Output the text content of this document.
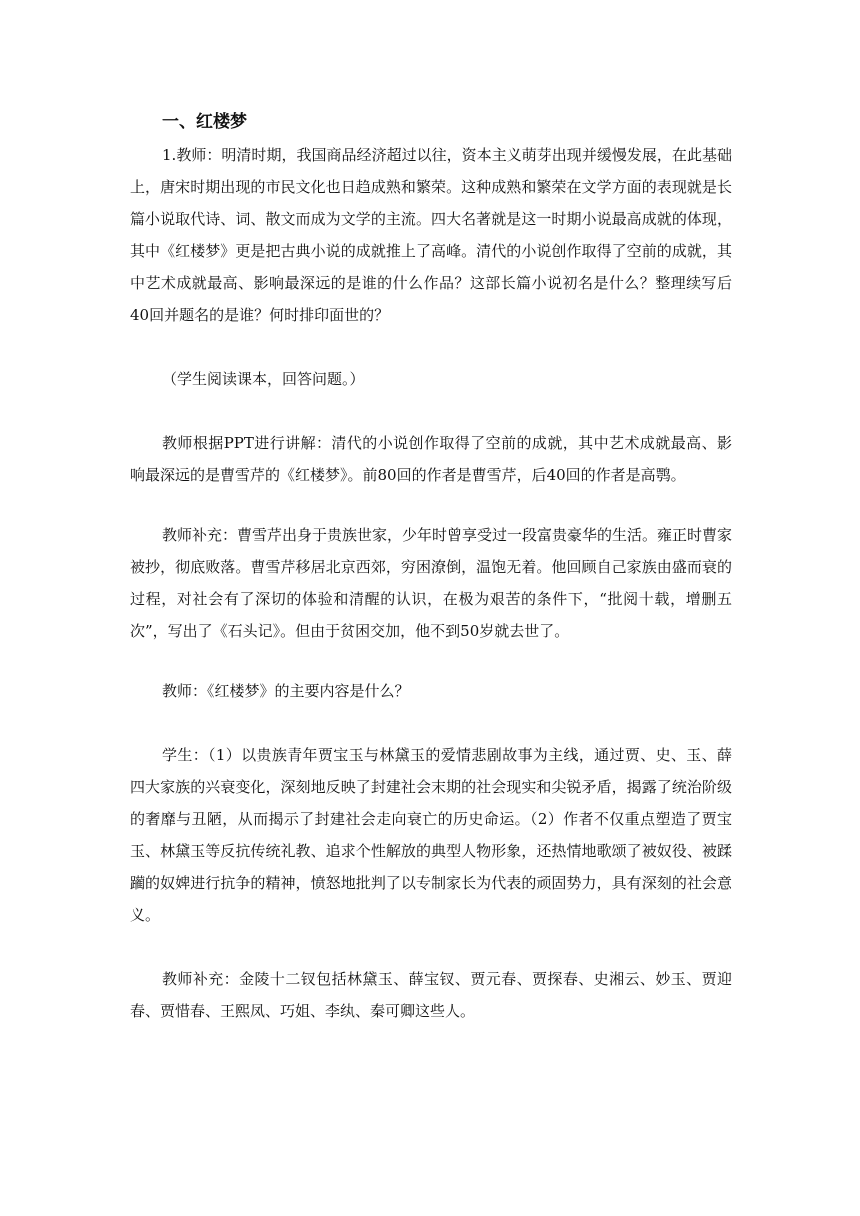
一、红楼梦

1.教师：明清时期，我国商品经济超过以往，资本主义萌芽出现并缓慢发展，在此基础上，唐宋时期出现的市民文化也日趋成熟和繁荣。这种成熟和繁荣在文学方面的表现就是长篇小说取代诗、词、散文而成为文学的主流。四大名著就是这一时期小说最高成就的体现，其中《红楼梦》更是把古典小说的成就推上了高峰。清代的小说创作取得了空前的成就，其中艺术成就最高、影响最深远的是谁的什么作品？这部长篇小说初名是什么？整理续写后40回并题名的是谁？何时排印面世的？

（学生阅读课本，回答问题。）

教师根据PPT进行讲解：清代的小说创作取得了空前的成就，其中艺术成就最高、影响最深远的是曹雪芹的《红楼梦》。前80回的作者是曹雪芹，后40回的作者是高鹗。

教师补充：曹雪芹出身于贵族世家，少年时曾享受过一段富贵豪华的生活。雍正时曹家被抄，彻底败落。曹雪芹移居北京西郊，穷困潦倒，温饱无着。他回顾自己家族由盛而衰的过程，对社会有了深切的体验和清醒的认识，在极为艰苦的条件下，“批阅十载，增删五次”，写出了《石头记》。但由于贫困交加，他不到50岁就去世了。

教师：《红楼梦》的主要内容是什么？

学生：（1）以贵族青年贾宝玉与林黛玉的爱情悲剧故事为主线，通过贾、史、玉、薛四大家族的兴衰变化，深刻地反映了封建社会末期的社会现实和尖锐矛盾，揭露了统治阶级的奢靡与丑陋，从而揭示了封建社会走向衰亡的历史命运。（2）作者不仅重点塑造了贾宝玉、林黛玉等反抗传统礼教、追求个性解放的典型人物形象，还热情地歌颂了被奴役、被蹂躏的奴婢进行抗争的精神，愤怒地批判了以专制家长为代表的顽固势力，具有深刻的社会意义。

教师补充：金陵十二钗包括林黛玉、薛宝钗、贾元春、贾探春、史湘云、妙玉、贾迎春、贾惜春、王熙凤、巧姐、李纨、秦可卿这些人。
